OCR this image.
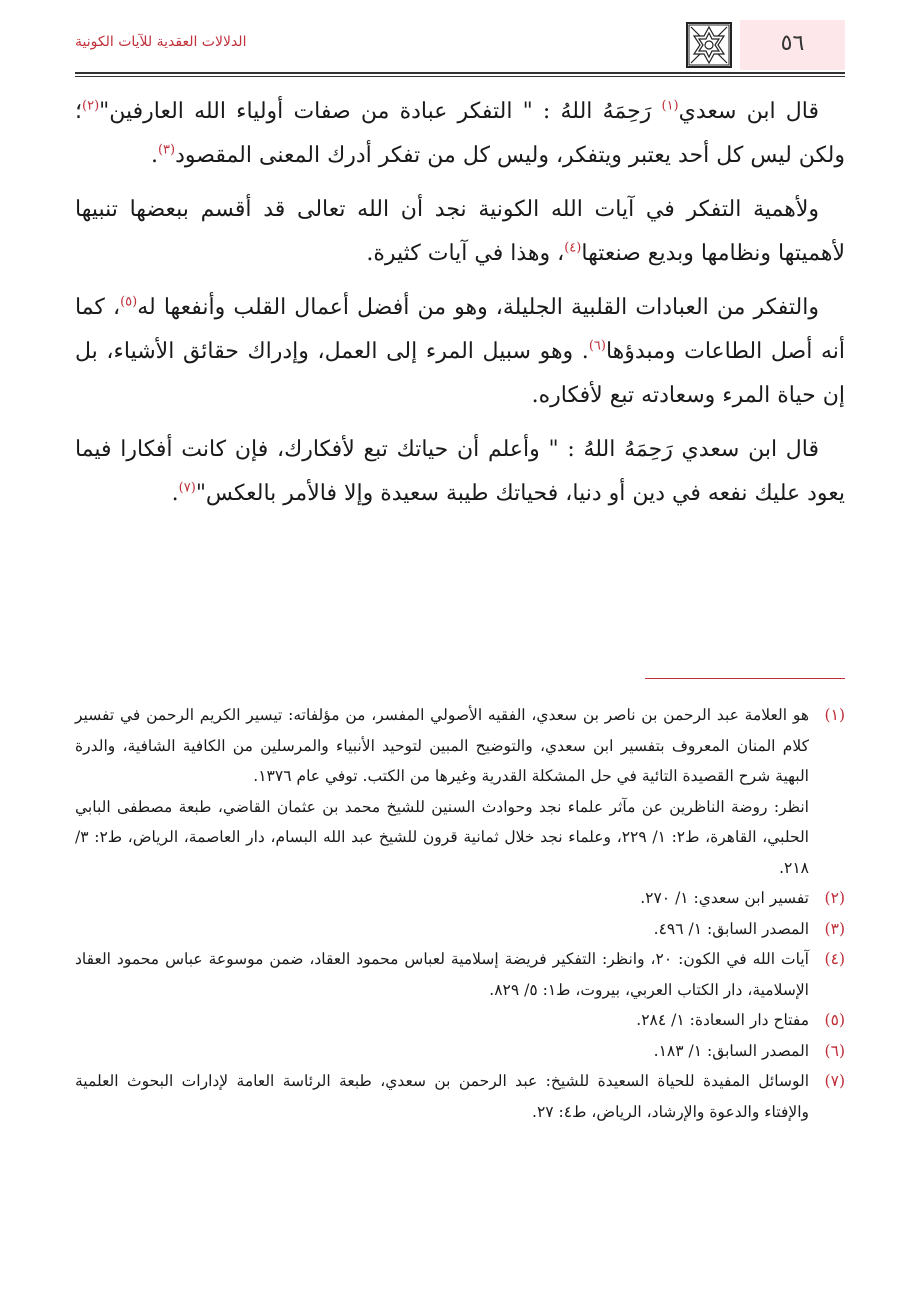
٥٦
الدلالات العقدية للآيات الكونية

قال ابن سعدي$^{(١)}$ رَحِمَهُ اللهُ : " التفكر عبادة من صفات أولياء الله العارفين"$^{(٢)}$؛ ولكن ليس كل أحد يعتبر ويتفكر، وليس كل من تفكر أدرك المعنى المقصود$^{(٣)}$.

ولأهمية التفكر في آيات الله الكونية نجد أن الله تعالى قد أقسم ببعضها تنبيها لأهميتها ونظامها وبديع صنعتها$^{(٤)}$، وهذا في آيات كثيرة.

والتفكر من العبادات القلبية الجليلة، وهو من أفضل أعمال القلب وأنفعها له$^{(٥)}$، كما أنه أصل الطاعات ومبدؤها$^{(٦)}$. وهو سبيل المرء إلى العمل، وإدراك حقائق الأشياء، بل إن حياة المرء وسعادته تبع لأفكاره.

قال ابن سعدي رَحِمَهُ اللهُ : " وأعلم أن حياتك تبع لأفكارك، فإن كانت أفكارا فيما يعود عليك نفعه في دين أو دنيا، فحياتك طيبة سعيدة وإلا فالأمر بالعكس"$^{(٧)}$.

(١)
هو العلامة عبد الرحمن بن ناصر بن سعدي، الفقيه الأصولي المفسر، من مؤلفاته: تيسير الكريم الرحمن في تفسير كلام المنان المعروف بتفسير ابن سعدي، والتوضيح المبين لتوحيد الأنبياء والمرسلين من الكافية الشافية، والدرة البهية شرح القصيدة التائية في حل المشكلة القدرية وغيرها من الكتب. توفي عام ١٣٧٦.

انظر: روضة الناظرين عن مآثر علماء نجد وحوادث السنين للشيخ محمد بن عثمان القاضي، طبعة مصطفى البابي الحلبي، القاهرة، ط٢: ١/ ٢٢٩، وعلماء نجد خلال ثمانية قرون للشيخ عبد الله البسام، دار العاصمة، الرياض، ط٢: ٣/ ٢١٨.

(٢)
تفسير ابن سعدي: ١/ ٢٧٠.

(٣)
المصدر السابق: ١/ ٤٩٦.

(٤)
آيات الله في الكون: ٢٠، وانظر: التفكير فريضة إسلامية لعباس محمود العقاد، ضمن موسوعة عباس محمود العقاد الإسلامية، دار الكتاب العربي، بيروت، ط١: ٥/ ٨٢٩.

(٥)
مفتاح دار السعادة: ١/ ٢٨٤.

(٦)
المصدر السابق: ١/ ١٨٣.

(٧)
الوسائل المفيدة للحياة السعيدة للشيخ: عبد الرحمن بن سعدي، طبعة الرئاسة العامة لإدارات البحوث العلمية والإفتاء والدعوة والإرشاد، الرياض، ط٤: ٢٧.
